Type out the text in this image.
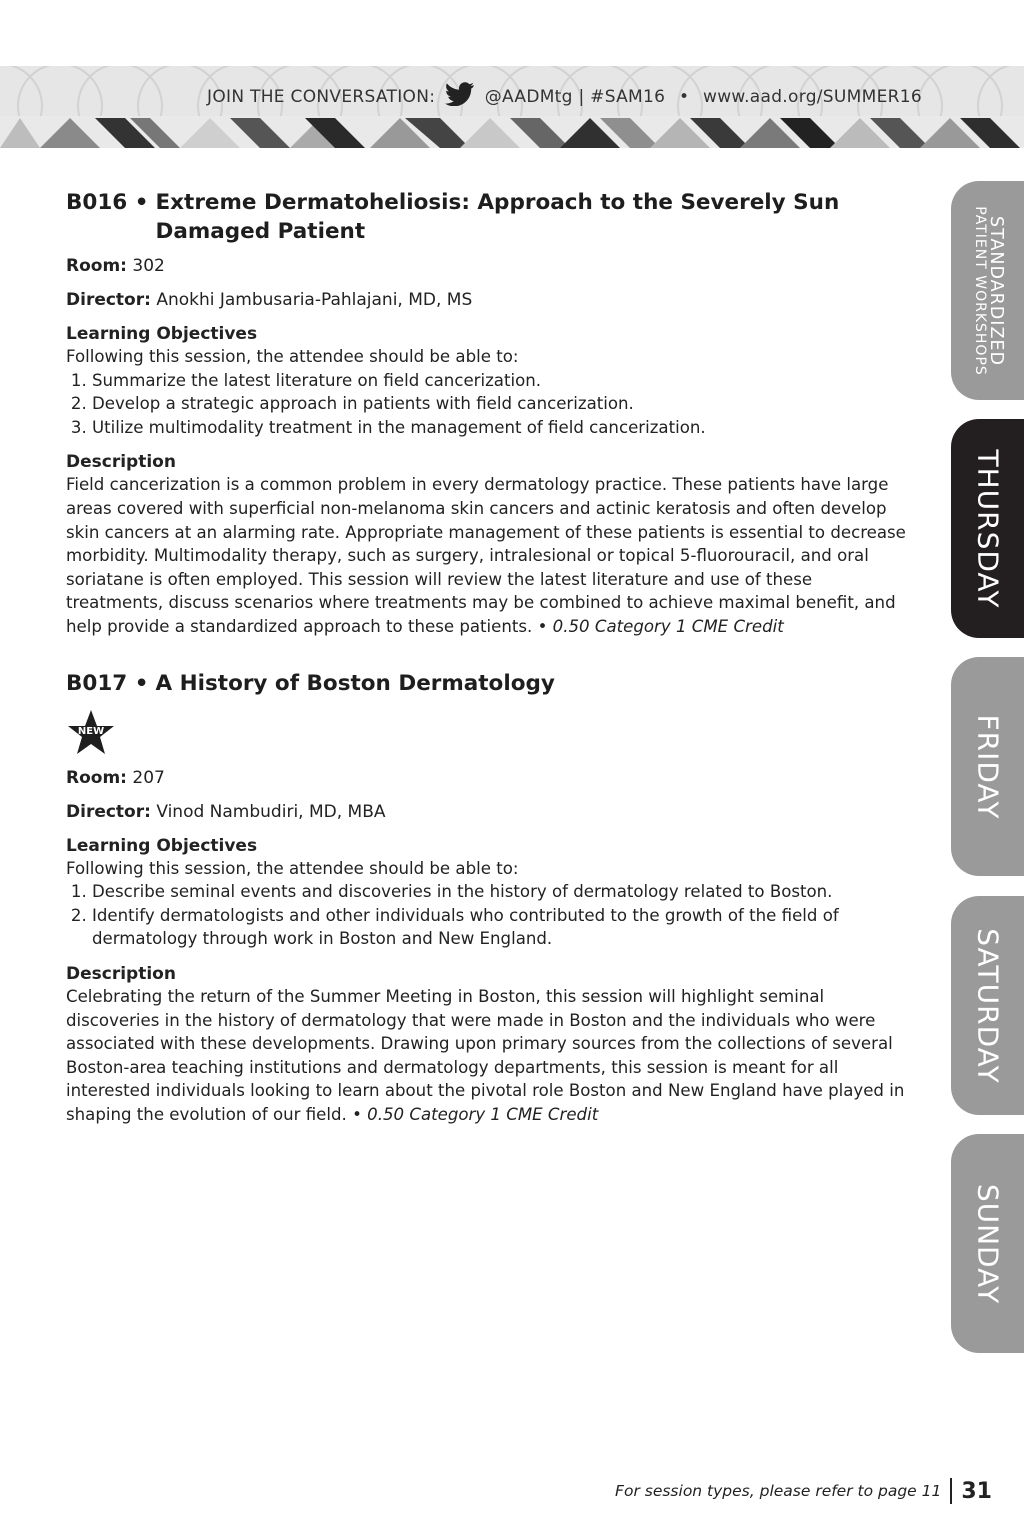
JOIN THE CONVERSATION:	@AADMtg | #SAM16 • www.aad.org/SUMMER16
B016 • Extreme Dermatoheliosis: Approach to the Severely Sun Damaged Patient

Room: 302

Director: Anokhi Jambusaria-Pahlajani, MD, MS

Learning Objectives

Following this session, the attendee should be able to:

1. Summarize the latest literature on field cancerization.
2. Develop a strategic approach in patients with field cancerization.
3. Utilize multimodality treatment in the management of field cancerization.
Description

Field cancerization is a common problem in every dermatology practice. These patients have large areas covered with superficial non-melanoma skin cancers and actinic keratosis and often develop skin cancers at an alarming rate. Appropriate management of these patients is essential to decrease morbidity. Multimodality therapy, such as surgery, intralesional or topical 5-fluorouracil, and oral soriatane is often employed. This session will review the latest literature and use of these treatments, discuss scenarios where treatments may be combined to achieve maximal benefit, and help provide a standardized approach to these patients. • 0.50 Category 1 CME Credit

B017 • A History of Boston Dermatology
NEW

Room: 207

Director: Vinod Nambudiri, MD, MBA

Learning Objectives

Following this session, the attendee should be able to:

1. Describe seminal events and discoveries in the history of dermatology related to Boston.
2. Identify dermatologists and other individuals who contributed to the growth of the field of dermatology through work in Boston and New England.
Description

Celebrating the return of the Summer Meeting in Boston, this session will highlight seminal discoveries in the history of dermatology that were made in Boston and the individuals who were associated with these developments. Drawing upon primary sources from the collections of several Boston-area teaching institutions and dermatology departments, this session is meant for all interested individuals looking to learn about the pivotal role Boston and New England have played in shaping the evolution of our field. • 0.50 Category 1 CME Credit

STANDARDIZED
PATIENT WORKSHOPS
THURSDAY
FRIDAY
SATURDAY
SUNDAY
For session types, please refer to page 11 31
